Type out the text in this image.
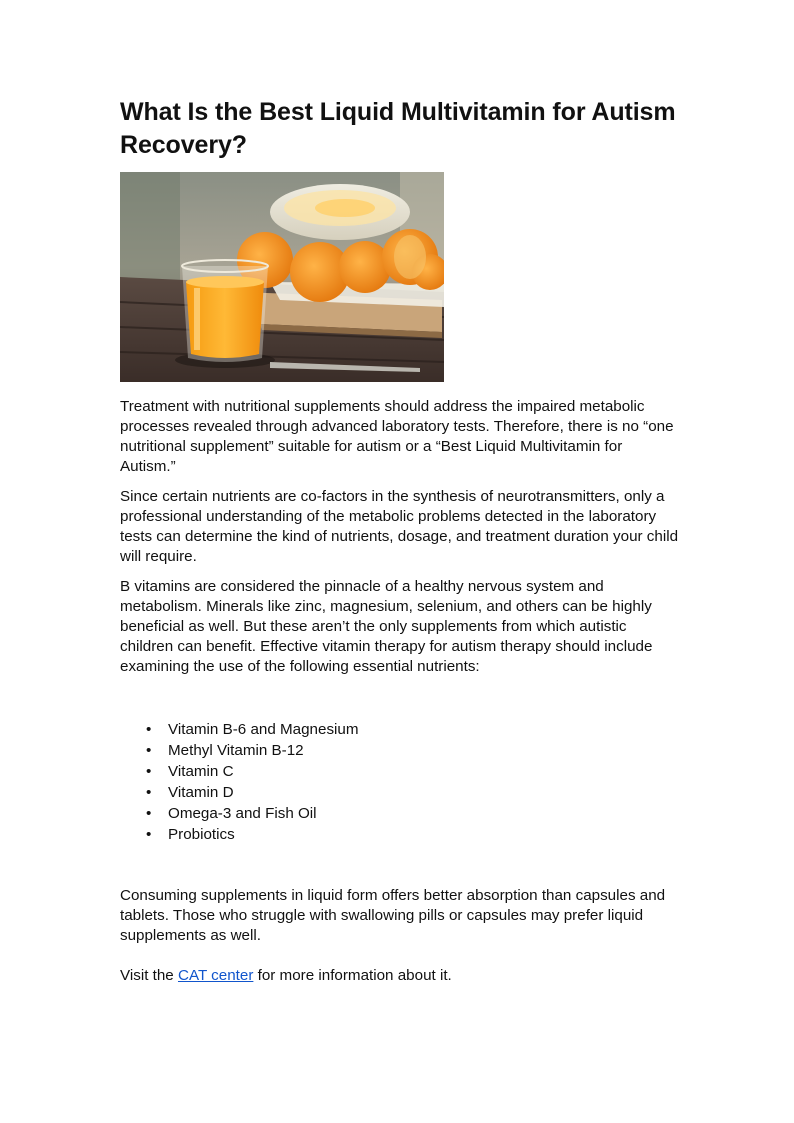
What Is the Best Liquid Multivitamin for Autism Recovery?

Treatment with nutritional supplements should address the impaired metabolic processes revealed through advanced laboratory tests. Therefore, there is no “one nutritional supplement” suitable for autism or a “Best Liquid Multivitamin for Autism.”

Since certain nutrients are co-factors in the synthesis of neurotransmitters, only a professional understanding of the metabolic problems detected in the laboratory tests can determine the kind of nutrients, dosage, and treatment duration your child will require.

B vitamins are considered the pinnacle of a healthy nervous system and metabolism. Minerals like zinc, magnesium, selenium, and others can be highly beneficial as well. But these aren’t the only supplements from which autistic children can benefit. Effective vitamin therapy for autism therapy should include examining the use of the following essential nutrients:

• Vitamin B-6 and Magnesium
• Methyl Vitamin B-12
• Vitamin C
• Vitamin D
• Omega-3 and Fish Oil
• Probiotics

Consuming supplements in liquid form offers better absorption than capsules and tablets. Those who struggle with swallowing pills or capsules may prefer liquid supplements as well.

Visit the CAT center for more information about it.
